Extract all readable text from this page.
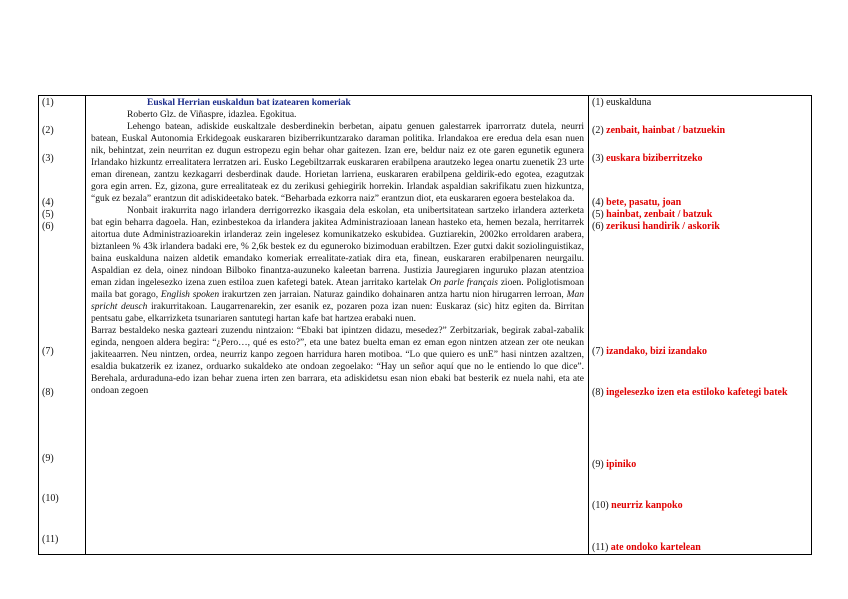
(1)
(2)
(3)
(4)
(5)
(6)
(7)
(8)
(9)
(10)
(11)

Euskal Herrian euskaldun bat izatearen komeriak

Roberto Glz. de Viñaspre, idazlea. Egokitua.

Lehengo batean, adiskide euskaltzale desberdinekin berbetan, aipatu genuen galestarrek iparrorratz dutela, neurri batean, Euskal Autonomia Erkidegoak euskararen biziberrikuntzarako daraman politika. Irlandakoa ere eredua dela esan nuen nik, behintzat, zein neurritan ez dugun estropezu egin behar ohar gaitezen. Izan ere, beldur naiz ez ote garen egunetik egunera Irlandako hizkuntz errealitatera lerratzen ari. Eusko Legebiltzarrak euskararen erabilpena arautzeko legea onartu zuenetik 23 urte eman direnean, zantzu kezkagarri desberdinak daude. Horietan larriena, euskararen erabilpena geldirik-edo egotea, ezagutzak gora egin arren. Ez, gizona, gure errealitateak ez du zerikusi gehiegirik horrekin. Irlandak aspaldian sakrifikatu zuen hizkuntza, “guk ez bezala” erantzun dit adiskideetako batek. “Beharbada ezkorra naiz” erantzun diot, eta euskararen egoera bestelakoa da.

Nonbait irakurrita nago irlandera derrigorrezko ikasgaia dela eskolan, eta unibertsitatean sartzeko irlandera azterketa bat egin beharra dagoela. Han, ezinbestekoa da irlandera jakitea Administrazioaan lanean hasteko eta, hemen bezala, herritarrek aitortua dute Administrazioarekin irlanderaz zein ingelesez komunikatzeko eskubidea. Guztiarekin, 2002ko erroldaren arabera, biztanleen % 43k irlandera badaki ere, % 2,6k bestek ez du eguneroko bizimoduan erabiltzen. Ezer gutxi dakit soziolinguistikaz, baina euskalduna naizen aldetik emandako komeriak errealitate-zatiak dira eta, finean, euskararen erabilpenaren neurgailu. Aspaldian ez dela, oinez nindoan Bilboko finantza-auzuneko kaleetan barrena. Justizia Jauregiaren inguruko plazan atentzioa eman zidan ingelesezko izena zuen estiloa zuen kafetegi batek. Atean jarritako kartelak On parle français zioen. Poliglotismoan maila bat gorago, English spoken irakurtzen zen jarraian. Naturaz gaindiko dohainaren antza hartu nion hirugarren lerroan, Man spricht deusch irakurritakoan. Laugarrenarekin, zer esanik ez, pozaren poza izan nuen: Euskaraz (sic) hitz egiten da. Birritan pentsatu gabe, elkarrizketa tsunariaren santutegi hartan kafe bat hartzea erabaki nuen.

Barraz bestaldeko neska gazteari zuzendu nintzaion: “Ebaki bat ipintzen didazu, mesedez?” Zerbitzariak, begirak zabal-zabalik eginda, nengoen aldera begira: “¿Pero…, qué es esto?”, eta une batez buelta eman ez eman egon nintzen atzean zer ote neukan jakiteaarren. Neu nintzen, ordea, neurriz kanpo zegoen harridura haren motiboa. “Lo que quiero es unE” hasi nintzen azaltzen, esaldia bukatzerik ez izanez, orduarko sukaldeko ate ondoan zegoelako: “Hay un señor aquí que no le entiendo lo que dice”. Berehala, arduraduna-edo izan behar zuena irten zen barrara, eta adiskidetsu esan nion ebaki bat besterik ez nuela nahi, eta ate ondoan zegoen

(1) euskalduna
(2) zenbait, hainbat / batzuekin
(3) euskara biziberritzeko
(4) bete, pasatu, joan
(5) hainbat, zenbait / batzuk
(6) zerikusi handirik / askorik
(7) izandako, bizi izandako
(8) ingelesezko izen eta estiloko kafetegi batek
(9) ipiniko
(10) neurriz kanpoko
(11) ate ondoko kartelean
